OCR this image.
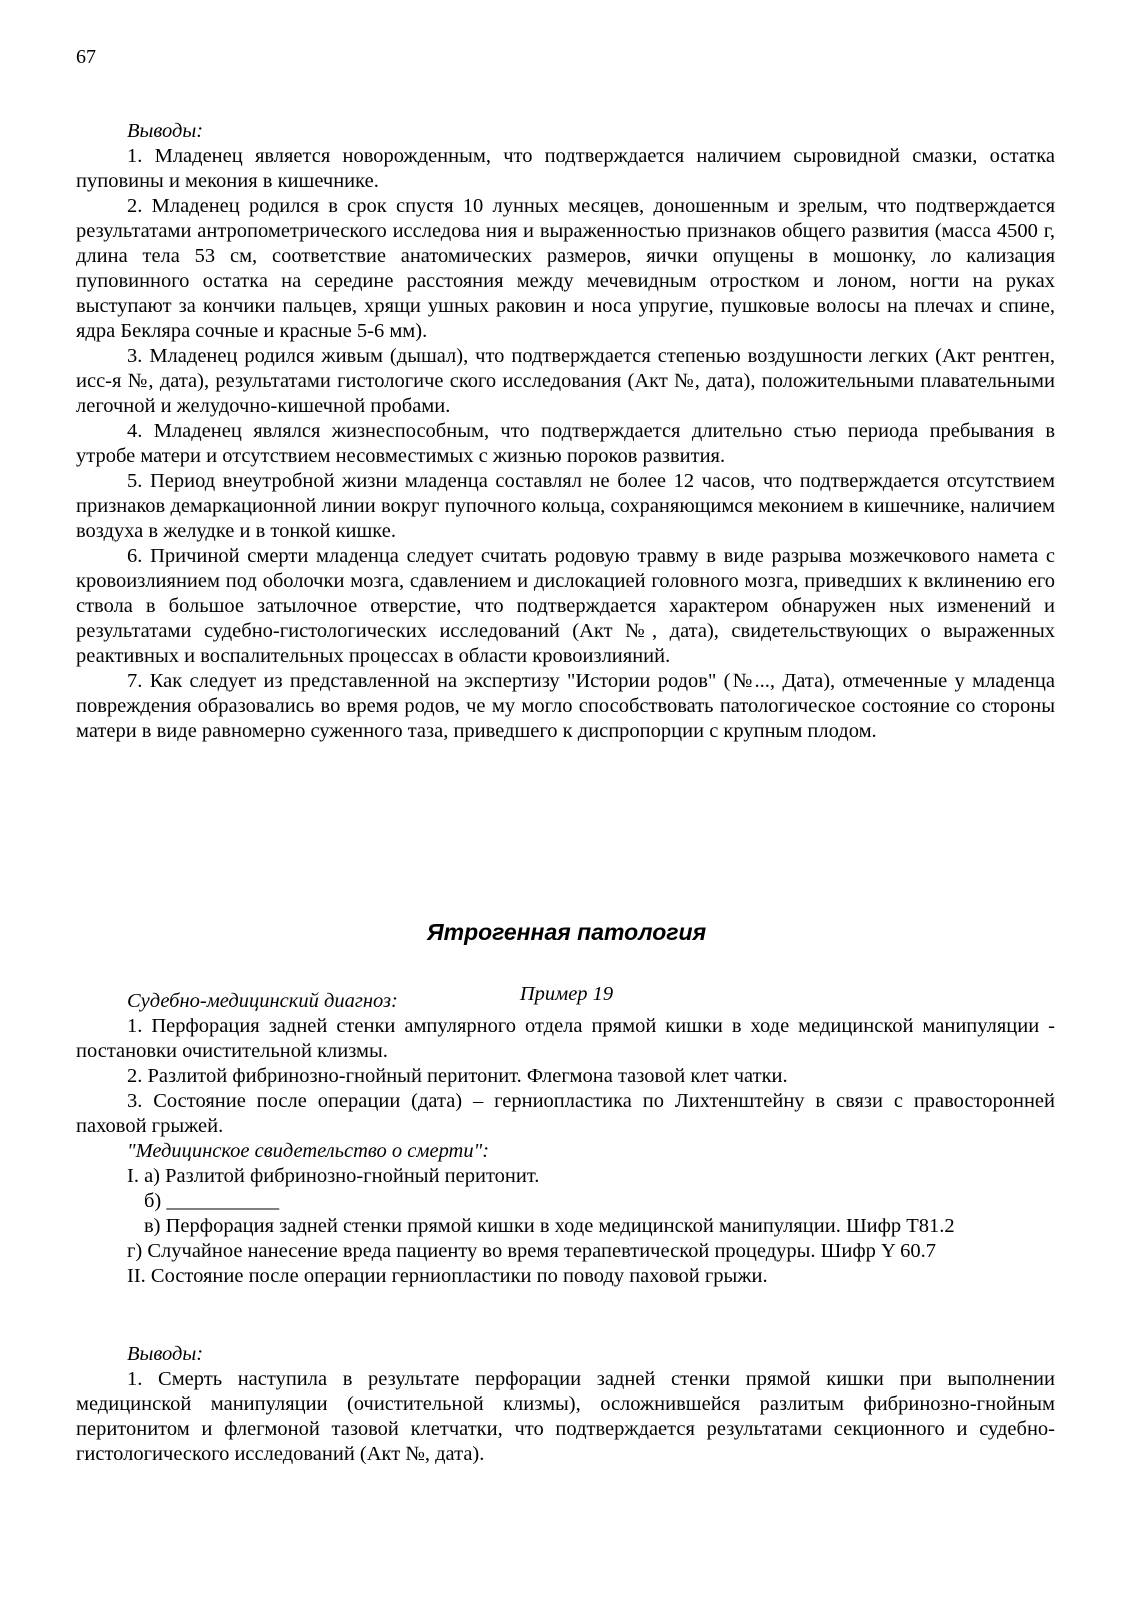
67
Выводы:

1. Младенец является новорожденным, что подтверждается наличием сыровидной смазки, остатка пуповины и мекония в кишечнике.

2. Младенец родился в срок спустя 10 лунных месяцев, доношенным и зрелым, что подтверждается результатами антропометрического исследова ния и выраженностью признаков общего развития (масса 4500 г, длина тела 53 см, соответствие анатомических размеров, яички опущены в мошонку, ло кализация пуповинного остатка на середине расстояния между мечевидным отростком и лоном, ногти на руках выступают за кончики пальцев, хрящи ушных раковин и носа упругие, пушковые волосы на плечах и спине, ядра Беклярa сочные и красные 5-6 мм).

3. Младенец родился живым (дышал), что подтверждается степенью воздушности легких (Акт рентген, исс-я №, дата), результатами гистологиче ского исследования (Акт №, дата), положительными плавательными легочной и желудочно-кишечной пробами.

4. Младенец являлся жизнеспособным, что подтверждается длительно стью периода пребывания в утробе матери и отсутствием несовместимых с жизнью пороков развития.

5. Период внеутробной жизни младенца составлял не более 12 часов, что подтверждается отсутствием признаков демаркационной линии вокруг пупочного кольца, сохраняющимся меконием в кишечнике, наличием воздуха в желудке и в тонкой кишке.

6. Причиной смерти младенца следует считать родовую травму в виде разрыва мозжечкового намета с кровоизлиянием под оболочки мозга, сдавлением и дислокацией головного мозга, приведших к вклинению его ствола в большое затылочное отверстие, что подтверждается характером обнаружен ных изменений и результатами судебно-гистологических исследований (Акт №, дата), свидетельствующих о выраженных реактивных и воспалительных процессах в области кровоизлияний.

7. Как следует из представленной на экспертизу "Истории родов" (№..., Дата), отмеченные у младенца повреждения образовались во время родов, че му могло способствовать патологическое состояние со стороны матери в виде равномерно суженного таза, приведшего к диспропорции с крупным плодом.

Ятрогенная патология
Пример 19
Судебно-медицинский диагноз:

1. Перфорация задней стенки ампулярного отдела прямой кишки в ходе медицинской манипуляции - постановки очистительной клизмы.

2. Разлитой фибринозно-гнойный перитонит. Флегмона тазовой клет чатки.

3. Состояние после операции (дата) – герниопластика по Лихтенштейну в связи с правосторонней паховой грыжей.

"Медицинское свидетельство о смерти":
I. а) Разлитой фибринозно-гнойный перитонит.
б) ___________
в) Перфорация задней стенки прямой кишки в ходе медицинской манипуляции. Шифр T81.2
г) Случайное нанесение вреда пациенту во время терапевтической процедуры. Шифр Y 60.7
II. Состояние после операции герниопластики по поводу паховой грыжи.
Выводы:

1. Смерть наступила в результате перфорации задней стенки прямой кишки при выполнении медицинской манипуляции (очистительной клизмы), осложнившейся разлитым фибринозно-гнойным перитонитом и флегмоной тазовой клетчатки, что подтверждается результатами секционного и судебно-гистологического исследований (Акт №, дата).
